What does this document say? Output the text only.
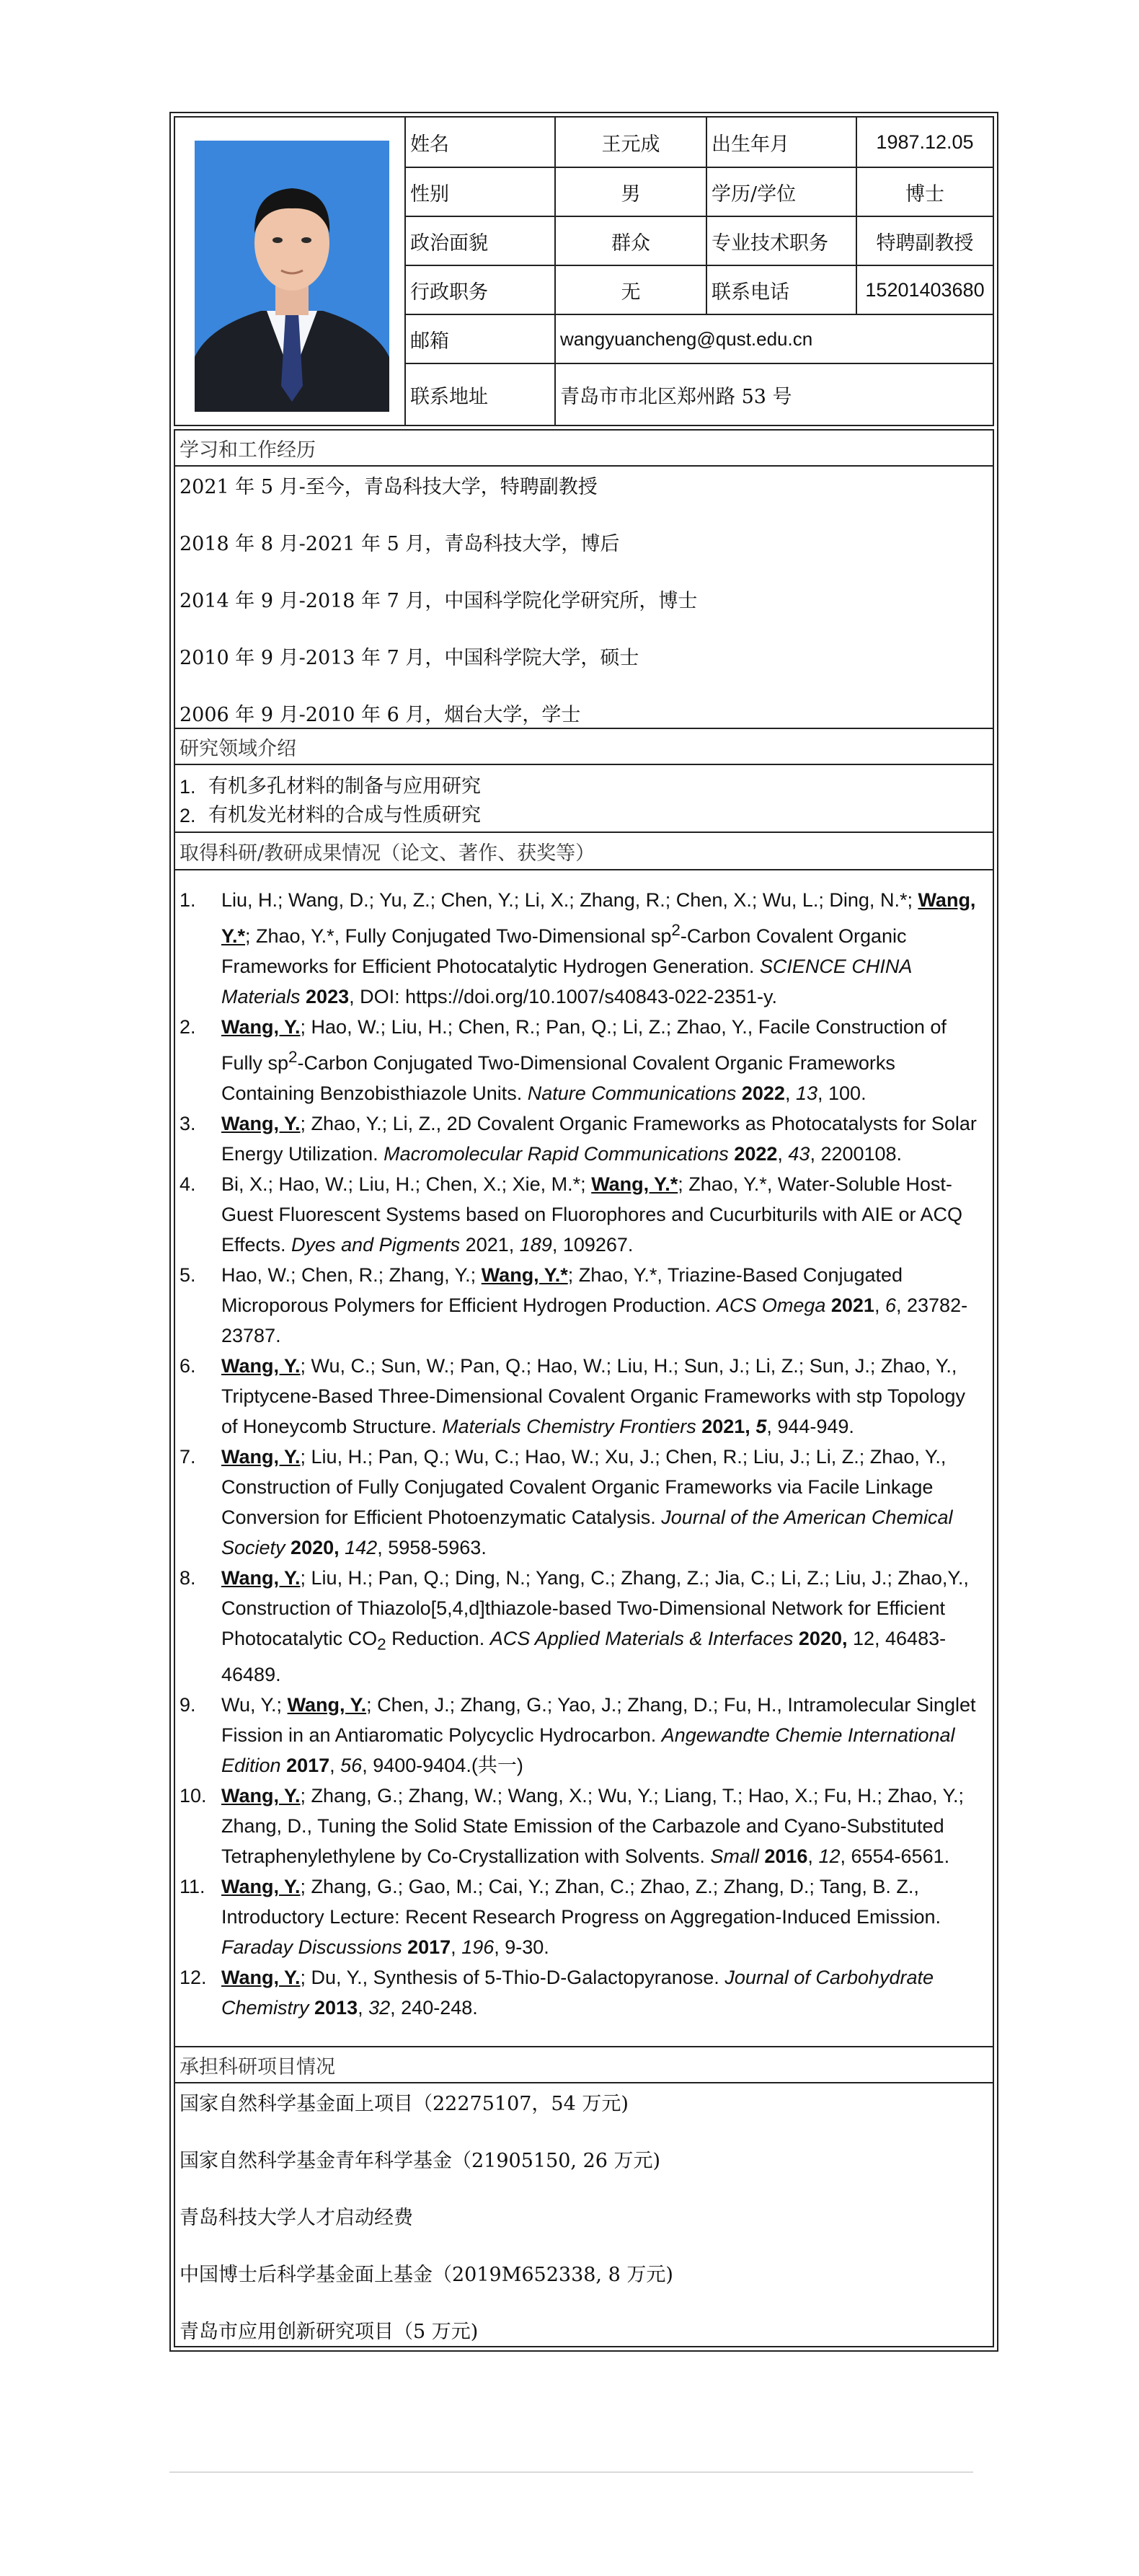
姓名	王元成	出生年月	1987.12.05
性别	男	学历/学位	博士
政治面貌	群众	专业技术职务	特聘副教授
行政职务	无	联系电话	15201403680
邮箱	wangyuancheng@qust.edu.cn
联系地址	青岛市市北区郑州路 53 号
学习和工作经历
2021 年 5 月-至今，青岛科技大学，特聘副教授
2018 年 8 月-2021 年 5 月，青岛科技大学，博后
2014 年 9 月-2018 年 7 月，中国科学院化学研究所，博士
2010 年 9 月-2013 年 7 月，中国科学院大学，硕士
2006 年 9 月-2010 年 6 月，烟台大学，学士
研究领域介绍
1. 有机多孔材料的制备与应用研究
2. 有机发光材料的合成与性质研究
取得科研/教研成果情况（论文、著作、获奖等）
1.	Liu, H.; Wang, D.; Yu, Z.; Chen, Y.; Li, X.; Zhang, R.; Chen, X.; Wu, L.; Ding, N.*; Wang, Y.*; Zhao, Y.*, Fully Conjugated Two-Dimensional $sp^2$-Carbon Covalent Organic Frameworks for Efficient Photocatalytic Hydrogen Generation. SCIENCE CHINA Materials 2023, DOI: https://doi.org/10.1007/s40843-022-2351-y.
2.	Wang, Y.; Hao, W.; Liu, H.; Chen, R.; Pan, Q.; Li, Z.; Zhao, Y., Facile Construction of Fully $sp^2$-Carbon Conjugated Two-Dimensional Covalent Organic Frameworks Containing Benzobisthiazole Units. Nature Communications 2022, 13, 100.
3.	Wang, Y.; Zhao, Y.; Li, Z., 2D Covalent Organic Frameworks as Photocatalysts for Solar Energy Utilization. Macromolecular Rapid Communications 2022, 43, 2200108.
4.	Bi, X.; Hao, W.; Liu, H.; Chen, X.; Xie, M.*; Wang, Y.*; Zhao, Y.*, Water-Soluble Host-Guest Fluorescent Systems based on Fluorophores and Cucurbiturils with AIE or ACQ Effects. Dyes and Pigments 2021, 189, 109267.
5.	Hao, W.; Chen, R.; Zhang, Y.; Wang, Y.*; Zhao, Y.*, Triazine-Based Conjugated Microporous Polymers for Efficient Hydrogen Production. ACS Omega 2021, 6, 23782-23787.
6.	Wang, Y.; Wu, C.; Sun, W.; Pan, Q.; Hao, W.; Liu, H.; Sun, J.; Li, Z.; Sun, J.; Zhao, Y., Triptycene-Based Three-Dimensional Covalent Organic Frameworks with stp Topology of Honeycomb Structure. Materials Chemistry Frontiers 2021, 5, 944-949.
7.	Wang, Y.; Liu, H.; Pan, Q.; Wu, C.; Hao, W.; Xu, J.; Chen, R.; Liu, J.; Li, Z.; Zhao, Y., Construction of Fully Conjugated Covalent Organic Frameworks via Facile Linkage Conversion for Efficient Photoenzymatic Catalysis. Journal of the American Chemical Society 2020, 142, 5958-5963.
8.	Wang, Y.; Liu, H.; Pan, Q.; Ding, N.; Yang, C.; Zhang, Z.; Jia, C.; Li, Z.; Liu, J.; Zhao,Y., Construction of Thiazolo[5,4,d]thiazole-based Two-Dimensional Network for Efficient Photocatalytic $CO_2$ Reduction. ACS Applied Materials & Interfaces 2020, 12, 46483-46489.
9.	Wu, Y.; Wang, Y.; Chen, J.; Zhang, G.; Yao, J.; Zhang, D.; Fu, H., Intramolecular Singlet Fission in an Antiaromatic Polycyclic Hydrocarbon. Angewandte Chemie International Edition 2017, 56, 9400-9404.(共一)
10. Wang, Y.; Zhang, G.; Zhang, W.; Wang, X.; Wu, Y.; Liang, T.; Hao, X.; Fu, H.; Zhao, Y.; Zhang, D., Tuning the Solid State Emission of the Carbazole and Cyano-Substituted Tetraphenylethylene by Co-Crystallization with Solvents. Small 2016, 12, 6554-6561.
11. Wang, Y.; Zhang, G.; Gao, M.; Cai, Y.; Zhan, C.; Zhao, Z.; Zhang, D.; Tang, B. Z., Introductory Lecture: Recent Research Progress on Aggregation-Induced Emission. Faraday Discussions 2017, 196, 9-30.
12. Wang, Y.; Du, Y., Synthesis of 5-Thio-D-Galactopyranose. Journal of Carbohydrate Chemistry 2013, 32, 240-248.
承担科研项目情况
国家自然科学基金面上项目（22275107，54 万元)
国家自然科学基金青年科学基金（21905150, 26 万元)
青岛科技大学人才启动经费
中国博士后科学基金面上基金（2019M652338, 8 万元)
青岛市应用创新研究项目（5 万元)
